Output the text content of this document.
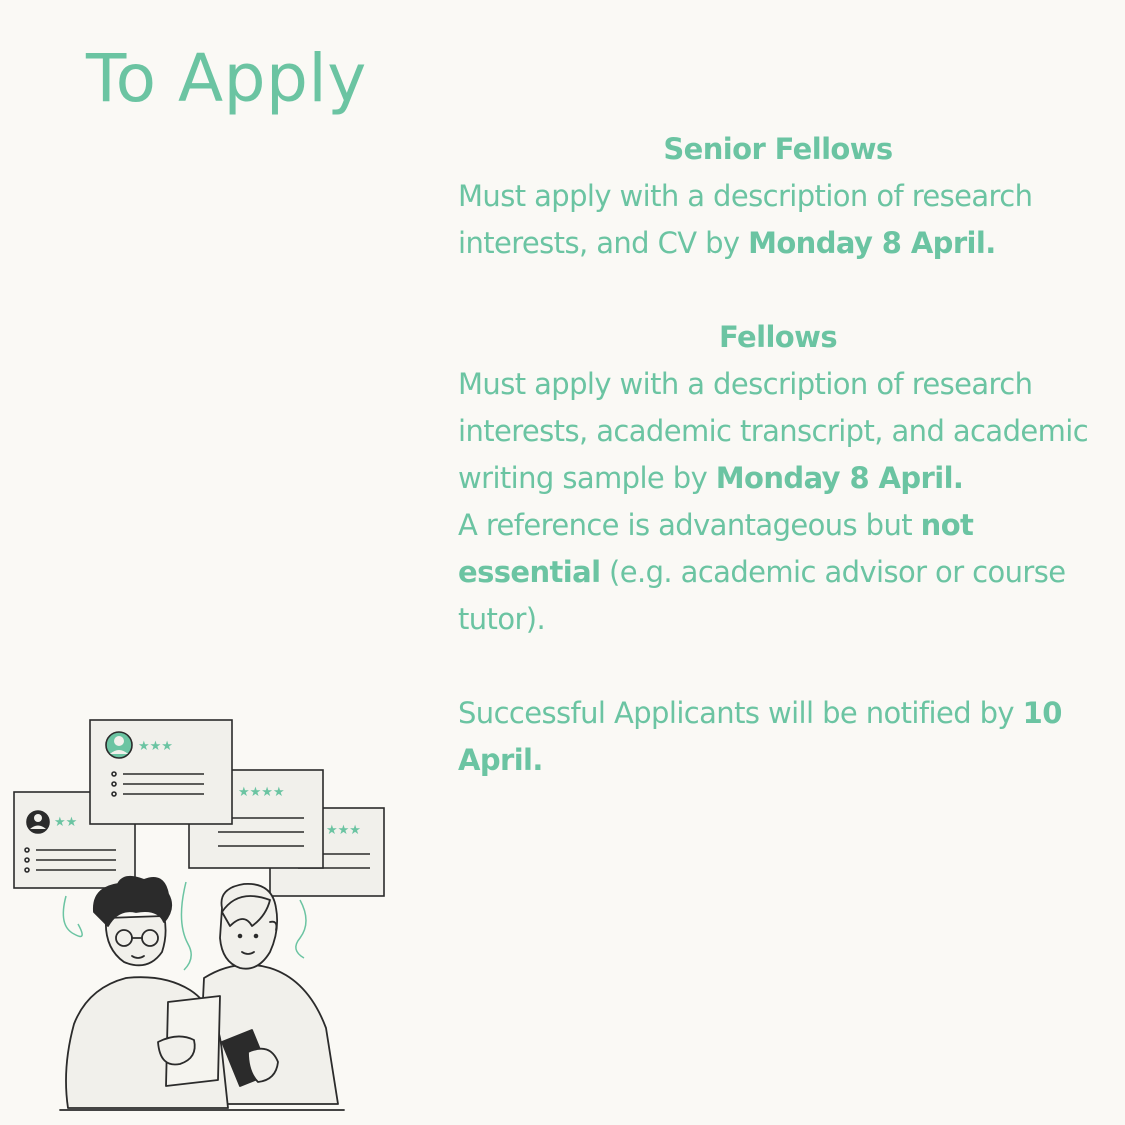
To Apply

Senior Fellows

Must apply with a description of research interests, and CV by Monday 8 April.

Fellows

Must apply with a description of research interests, academic transcript, and academic writing sample by Monday 8 April.

A reference is advantageous but not essential (e.g. academic advisor or course tutor).

Successful Applicants will be notified by 10 April.

★★★
★★★★
★★
★★★
